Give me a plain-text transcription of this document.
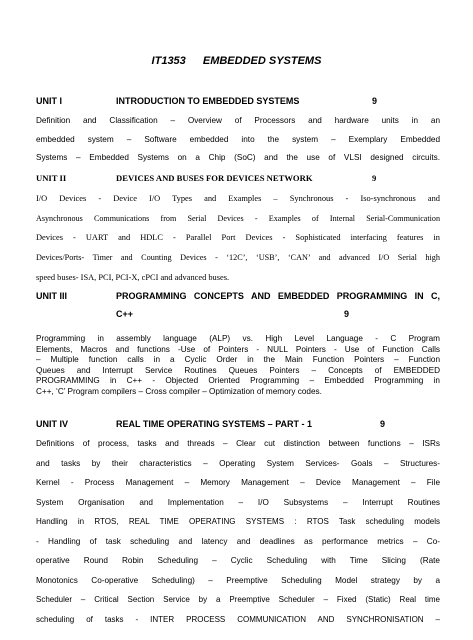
IT1353 EMBEDDED SYSTEMS
UNIT I	INTRODUCTION TO EMBEDDED SYSTEMS	9
Definition and Classification – Overview of Processors and hardware units in an
embedded system – Software embedded into the system – Exemplary Embedded
Systems – Embedded Systems on a Chip (SoC) and the use of VLSI designed circuits.
UNIT II	DEVICES AND BUSES FOR DEVICES NETWORK	9
I/O Devices - Device I/O Types and Examples – Synchronous - Iso-synchronous and
Asynchronous Communications from Serial Devices - Examples of Internal Serial-Communication
Devices - UART and HDLC - Parallel Port Devices - Sophisticated interfacing features in
Devices/Ports- Timer and Counting Devices - ‘12C’, ‘USB’, ‘CAN’ and advanced I/O Serial high
speed buses- ISA, PCI, PCI-X, cPCI and advanced buses.
UNIT III	PROGRAMMING CONCEPTS AND EMBEDDED PROGRAMMING IN C,
C++	9
Programming in assembly language (ALP) vs. High Level Language - C Program
Elements, Macros and functions -Use of Pointers - NULL Pointers - Use of Function Calls
– Multiple function calls in a Cyclic Order in the Main Function Pointers – Function
Queues and Interrupt Service Routines Queues Pointers – Concepts of EMBEDDED
PROGRAMMING in C++ - Objected Oriented Programming – Embedded Programming in
C++, ‘C’ Program compilers – Cross compiler – Optimization of memory codes.
UNIT IV	REAL TIME OPERATING SYSTEMS – PART - 1	9
Definitions of process, tasks and threads – Clear cut distinction between functions – ISRs
and tasks by their characteristics – Operating System Services- Goals – Structures-
Kernel - Process Management – Memory Management – Device Management – File
System Organisation and Implementation – I/O Subsystems – Interrupt Routines
Handling in RTOS, REAL TIME OPERATING SYSTEMS : RTOS Task scheduling models
- Handling of task scheduling and latency and deadlines as performance metrics – Co-
operative Round Robin Scheduling – Cyclic Scheduling with Time Slicing (Rate
Monotonics Co-operative Scheduling) – Preemptive Scheduling Model strategy by a
Scheduler – Critical Section Service by a Preemptive Scheduler – Fixed (Static) Real time
scheduling of tasks - INTER PROCESS COMMUNICATION AND SYNCHRONISATION –
